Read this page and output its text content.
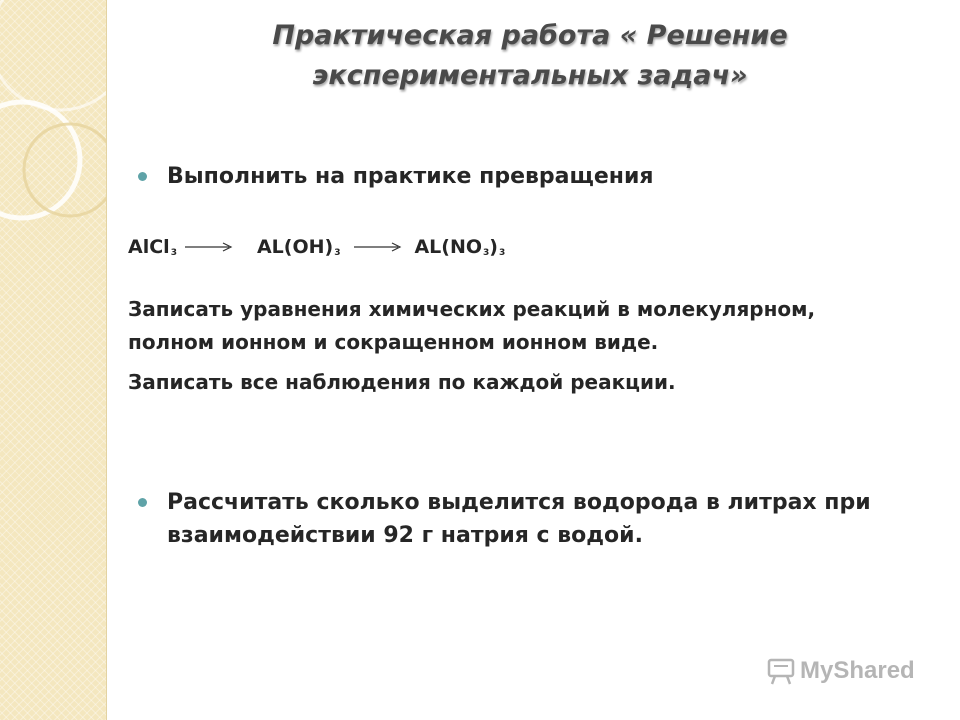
Практическая работа « Решение
экспериментальных задач»
Выполнить на практике превращения
AlCl$_3$ → $AL(OH)_3 \to AL(NO_3)_3$
Записать уравнения химических реакций в молекулярном,
полном ионном и сокращенном ионном виде.
Записать все наблюдения по каждой реакции.
Рассчитать сколько выделится водорода в литрах при
взаимодействии 92 г натрия с водой.
MyShared
